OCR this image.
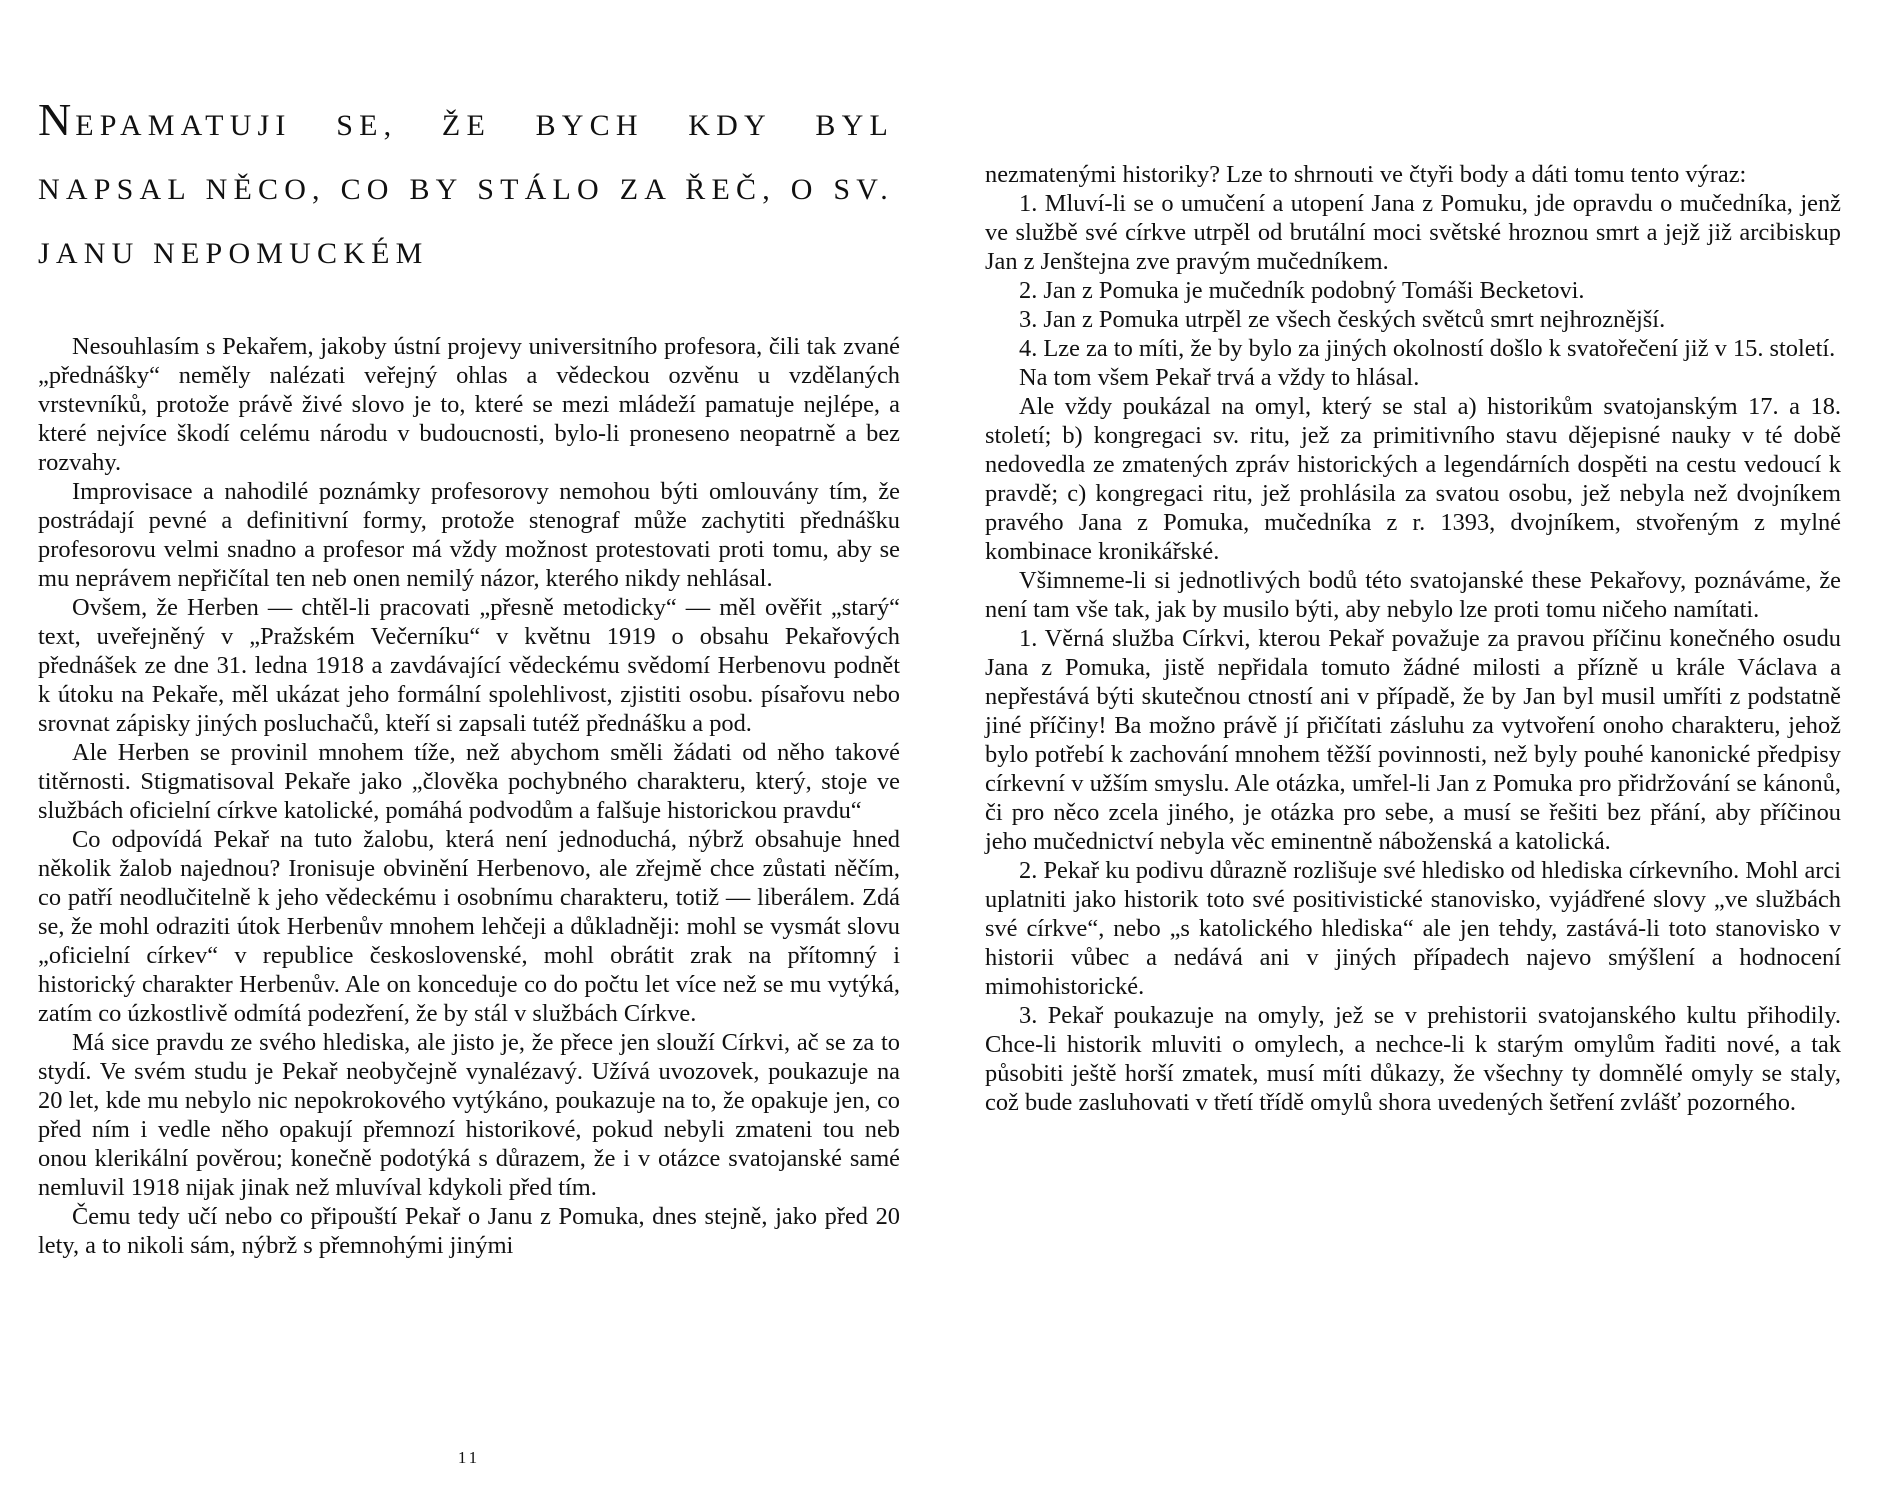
NEPAMATUJI SE, ŽE BYCH KDY BYL NAPSAL NĚCO, CO BY STÁLO ZA ŘEČ, O SV. JANU NEPOMUCKÉM

Nesouhlasím s Pekařem, jakoby ústní projevy universitního profesora, čili tak zvané „přednášky“ neměly nalézati veřejný ohlas a vědeckou ozvěnu u vzdělaných vrstevníků, protože právě živé slovo je to, které se mezi mládeží pamatuje nejlépe, a které nejvíce škodí celému národu v budoucnosti, bylo-li proneseno neopatrně a bez rozvahy.

Improvisace a nahodilé poznámky profesorovy nemohou býti omlouvány tím, že postrádají pevné a definitivní formy, protože stenograf může zachytiti přednášku profesorovu velmi snadno a profesor má vždy možnost protestovati proti tomu, aby se mu neprávem nepřičítal ten neb onen nemilý názor, kterého nikdy nehlásal.

Ovšem, že Herben — chtěl-li pracovati „přesně metodicky“ — měl ověřit „starý“ text, uveřejněný v „Pražském Večerníku“ v květnu 1919 o obsahu Pekařových přednášek ze dne 31. ledna 1918 a zavdávající vědeckému svědomí Herbenovu podnět k útoku na Pekaře, měl ukázat jeho formální spolehlivost, zjistiti osobu. písařovu nebo srovnat zápisky jiných posluchačů, kteří si zapsali tutéž přednášku a pod.

Ale Herben se provinil mnohem tíže, než abychom směli žádati od něho takové titěrnosti. Stigmatisoval Pekaře jako „člověka pochybného charakteru, který, stoje ve službách oficielní církve katolické, pomáhá podvodům a falšuje historickou pravdu“

Co odpovídá Pekař na tuto žalobu, která není jednoduchá, nýbrž obsahuje hned několik žalob najednou? Ironisuje obvinění Herbenovo, ale zřejmě chce zůstati něčím, co patří neodlučitelně k jeho vědeckému i osobnímu charakteru, totiž — liberálem. Zdá se, že mohl odraziti útok Herbenův mnohem lehčeji a důkladněji: mohl se vysmát slovu „oficielní církev“ v republice československé, mohl obrátit zrak na přítomný i historický charakter Herbenův. Ale on konceduje co do počtu let více než se mu vytýká, zatím co úzkostlivě odmítá podezření, že by stál v službách Církve.

Má sice pravdu ze svého hlediska, ale jisto je, že přece jen slouží Církvi, ač se za to stydí. Ve svém studu je Pekař neobyčejně vynalézavý. Užívá uvozovek, poukazuje na 20 let, kde mu nebylo nic nepokrokového vytýkáno, poukazuje na to, že opakuje jen, co před ním i vedle něho opakují přemnozí historikové, pokud nebyli zmateni tou neb onou klerikální pověrou; konečně podotýká s důrazem, že i v otázce svatojanské samé nemluvil 1918 nijak jinak než mluvíval kdykoli před tím.

Čemu tedy učí nebo co připouští Pekař o Janu z Pomuka, dnes stejně, jako před 20 lety, a to nikoli sám, nýbrž s přemnohými jinými

11

nezmatenými historiky? Lze to shrnouti ve čtyři body a dáti tomu tento výraz:

1. Mluví-li se o umučení a utopení Jana z Pomuku, jde opravdu o mučedníka, jenž ve službě své církve utrpěl od brutální moci světské hroznou smrt a jejž již arcibiskup Jan z Jenštejna zve pravým mučedníkem.

2. Jan z Pomuka je mučedník podobný Tomáši Becketovi.

3. Jan z Pomuka utrpěl ze všech českých světců smrt nejhroznější.

4. Lze za to míti, že by bylo za jiných okolností došlo k svatořečení již v 15. století.

Na tom všem Pekař trvá a vždy to hlásal.

Ale vždy poukázal na omyl, který se stal a) historikům svatojanským 17. a 18. století; b) kongregaci sv. ritu, jež za primitivního stavu dějepisné nauky v té době nedovedla ze zmatených zpráv historických a legendárních dospěti na cestu vedoucí k pravdě; c) kongregaci ritu, jež prohlásila za svatou osobu, jež nebyla než dvojníkem pravého Jana z Pomuka, mučedníka z r. 1393, dvojníkem, stvořeným z mylné kombinace kronikářské.

Všimneme-li si jednotlivých bodů této svatojanské these Pekařovy, poznáváme, že není tam vše tak, jak by musilo býti, aby nebylo lze proti tomu ničeho namítati.

1. Věrná služba Církvi, kterou Pekař považuje za pravou příčinu konečného osudu Jana z Pomuka, jistě nepřidala tomuto žádné milosti a přízně u krále Václava a nepřestává býti skutečnou ctností ani v případě, že by Jan byl musil umříti z podstatně jiné příčiny! Ba možno právě jí přičítati zásluhu za vytvoření onoho charakteru, jehož bylo potřebí k zachování mnohem těžší povinnosti, než byly pouhé kanonické předpisy církevní v užším smyslu. Ale otázka, umřel-li Jan z Pomuka pro přidržování se kánonů, či pro něco zcela jiného, je otázka pro sebe, a musí se řešiti bez přání, aby příčinou jeho mučednictví nebyla věc eminentně náboženská a katolická.

2. Pekař ku podivu důrazně rozlišuje své hledisko od hlediska církevního. Mohl arci uplatniti jako historik toto své positivistické stanovisko, vyjádřené slovy „ve službách své církve“, nebo „s katolického hlediska“ ale jen tehdy, zastává-li toto stanovisko v historii vůbec a nedává ani v jiných případech najevo smýšlení a hodnocení mimohistorické.

3. Pekař poukazuje na omyly, jež se v prehistorii svatojanského kultu přihodily. Chce-li historik mluviti o omylech, a nechce-li k starým omylům řaditi nové, a tak působiti ještě horší zmatek, musí míti důkazy, že všechny ty domnělé omyly se staly, což bude zasluhovati v třetí třídě omylů shora uvedených šetření zvlášť pozorného.
